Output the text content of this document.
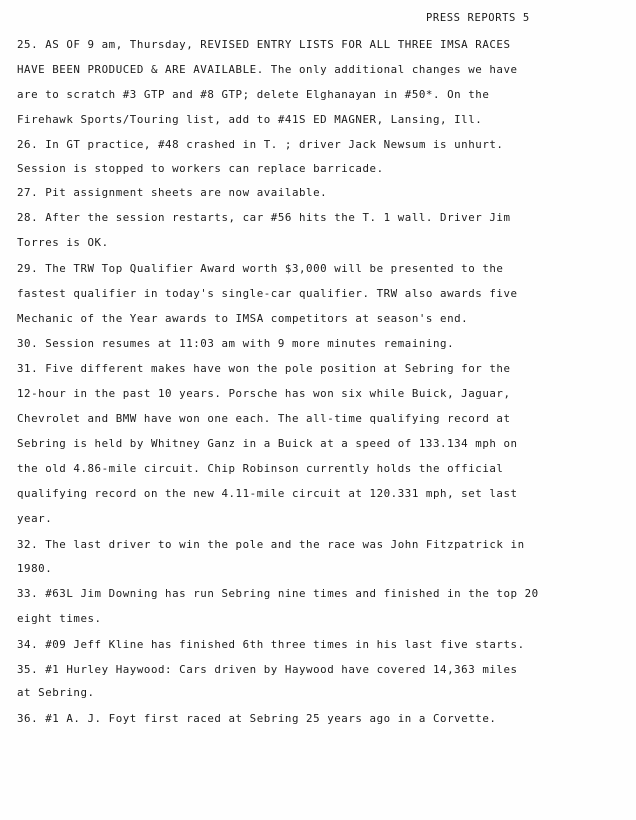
PRESS REPORTS 5
25. AS OF 9 am, Thursday, REVISED ENTRY LISTS FOR ALL THREE IMSA RACES
HAVE BEEN PRODUCED & ARE AVAILABLE. The only additional changes we have
are to scratch #3 GTP and #8 GTP; delete Elghanayan in #50*. On the
Firehawk Sports/Touring list, add to #41S ED MAGNER, Lansing, Ill.
26. In GT practice, #48 crashed in T. ; driver Jack Newsum is unhurt.
Session is stopped to workers can replace barricade.
27. Pit assignment sheets are now available.
28. After the session restarts, car #56 hits the T. 1 wall. Driver Jim
Torres is OK.
29. The TRW Top Qualifier Award worth $3,000 will be presented to the
fastest qualifier in today's single-car qualifier. TRW also awards five
Mechanic of the Year awards to IMSA competitors at season's end.
30. Session resumes at 11:03 am with 9 more minutes remaining.
31. Five different makes have won the pole position at Sebring for the
12-hour in the past 10 years. Porsche has won six while Buick, Jaguar,
Chevrolet and BMW have won one each. The all-time qualifying record at
Sebring is held by Whitney Ganz in a Buick at a speed of 133.134 mph on
the old 4.86-mile circuit. Chip Robinson currently holds the official
qualifying record on the new 4.11-mile circuit at 120.331 mph, set last
year.
32. The last driver to win the pole and the race was John Fitzpatrick in
1980.
33. #63L Jim Downing has run Sebring nine times and finished in the top 20
eight times.
34. #09 Jeff Kline has finished 6th three times in his last five starts.
35. #1 Hurley Haywood: Cars driven by Haywood have covered 14,363 miles
at Sebring.
36. #1 A. J. Foyt first raced at Sebring 25 years ago in a Corvette.
